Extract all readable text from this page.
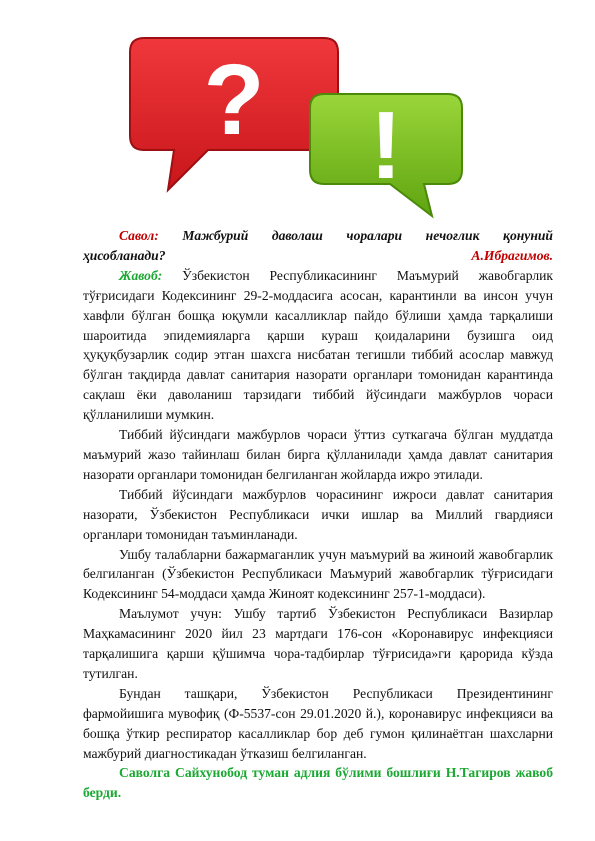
? !

Савол: Мажбурий даволаш чоралари нечоғлик қонуний

ҳисобланади?	А.Ибрагимов.

Жавоб: Ўзбекистон Республикасининг Маъмурий жавобгарлик тўғрисидаги Кодексининг 29-2-моддасига асосан, карантинли ва инсон учун хавфли бўлган бошқа юқумли касалликлар пайдо бўлиши ҳамда тарқалиши шароитида эпидемияларга қарши кураш қоидаларини бузишга оид ҳуқуқбузарлик содир этган шахсга нисбатан тегишли тиббий асослар мавжуд бўлган тақдирда давлат санитария назорати органлари томонидан карантинда сақлаш ёки даволаниш тарзидаги тиббий йўсиндаги мажбурлов чораси қўлланилиши мумкин.

Тиббий йўсиндаги мажбурлов чораси ўттиз суткагача бўлган муддатда маъмурий жазо тайинлаш билан бирга қўлланилади ҳамда давлат санитария назорати органлари томонидан белгиланган жойларда ижро этилади.

Тиббий йўсиндаги мажбурлов чорасининг ижроси давлат санитария назорати, Ўзбекистон Республикаси ички ишлар ва Миллий гвардияси органлари томонидан таъминланади.

Ушбу талабларни бажармаганлик учун маъмурий ва жиноий жавобгарлик белгиланган (Ўзбекистон Республикаси Маъмурий жавобгарлик тўғрисидаги Кодексининг 54-моддаси ҳамда Жиноят кодексининг 257-1-моддаси).

Маълумот учун: Ушбу тартиб Ўзбекистон Республикаси Вазирлар Маҳкамасининг 2020 йил 23 мартдаги 176-сон «Коронавирус инфекцияси тарқалишига қарши қўшимча чора-тадбирлар тўғрисида»ги қарорида кўзда тутилган.

Бундан ташқари, Ўзбекистон Республикаси Президентининг фармойишига мувофиқ (Ф-5537-сон 29.01.2020 й.), коронавирус инфекцияси ва бошқа ўткир респиратор касалликлар бор деб гумон қилинаётган шахсларни мажбурий диагностикадан ўтказиш белгиланган.

Саволга Сайхунобод туман адлия бўлими бошлиғи Н.Тагиров жавоб берди.
